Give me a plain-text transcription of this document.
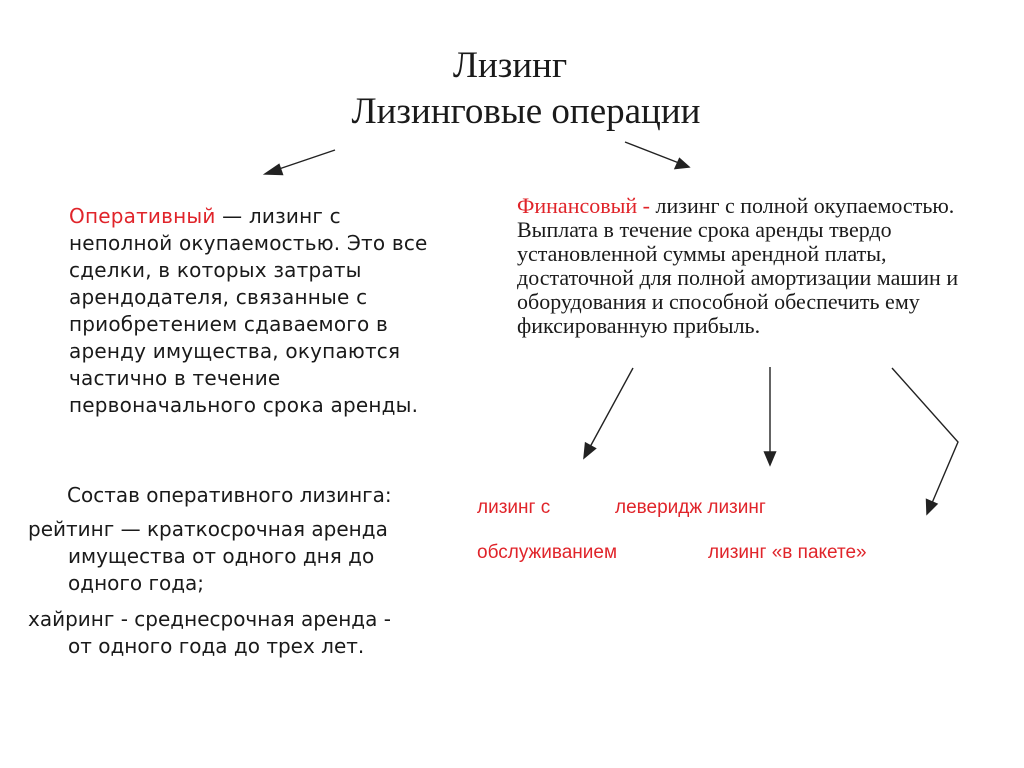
Лизинг
Лизинговые операции
Оперативный — лизинг с неполной окупаемостью. Это все сделки, в которых затраты арендодателя, связанные с приобретением сдаваемого в аренду имущества, окупаются частично в течение первоначального срока аренды.
Финансовый - лизинг с полной окупаемостью. Выплата в течение срока аренды твердо установленной суммы арендной платы, достаточной для полной амортизации машин и оборудования и способной обеспечить ему фиксированную прибыль.
Состав оперативного лизинга:
рейтинг — краткосрочная аренда
имущества от одного дня до одного года;
хайринг - среднесрочная аренда -
от одного года до трех лет.
лизинг с
обслуживанием
леверидж лизинг
лизинг «в пакете»
